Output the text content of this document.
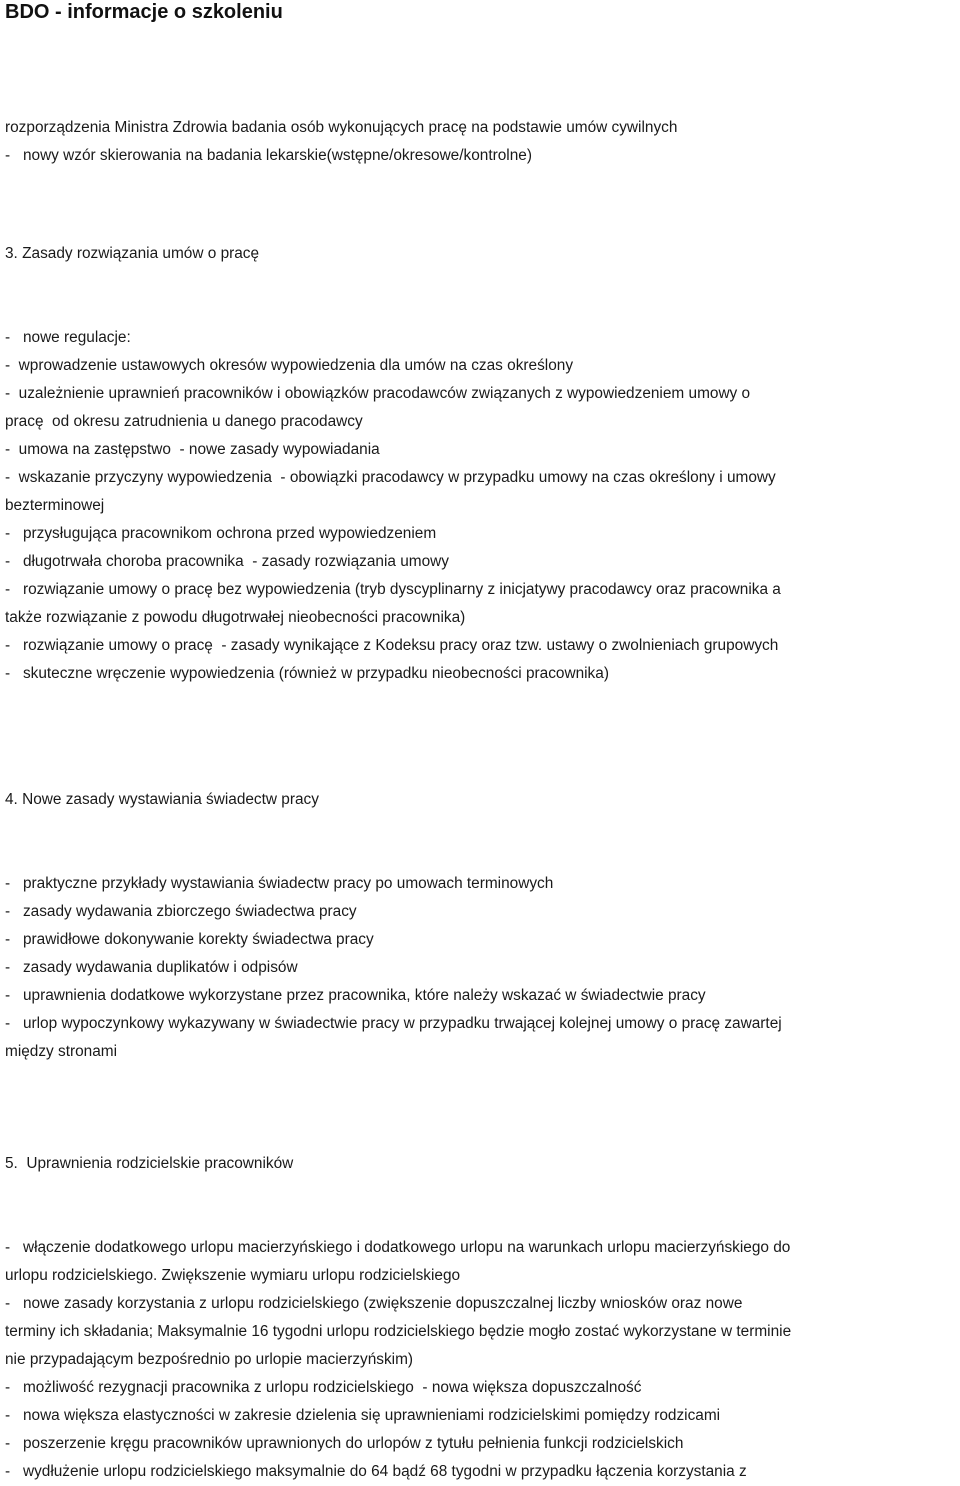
BDO - informacje o szkoleniu
rozporządzenia Ministra Zdrowia badania osób wykonujących pracę na podstawie umów cywilnych
-   nowy wzór skierowania na badania lekarskie(wstępne/okresowe/kontrolne)
3. Zasady rozwiązania umów o pracę
-   nowe regulacje:
-  wprowadzenie ustawowych okresów wypowiedzenia dla umów na czas określony
-  uzależnienie uprawnień pracowników i obowiązków pracodawców związanych z wypowiedzeniem umowy o
pracę  od okresu zatrudnienia u danego pracodawcy
-  umowa na zastępstwo  - nowe zasady wypowiadania
-  wskazanie przyczyny wypowiedzenia  - obowiązki pracodawcy w przypadku umowy na czas określony i umowy
bezterminowej
-   przysługująca pracownikom ochrona przed wypowiedzeniem
-   długotrwała choroba pracownika  - zasady rozwiązania umowy
-   rozwiązanie umowy o pracę bez wypowiedzenia (tryb dyscyplinarny z inicjatywy pracodawcy oraz pracownika a
także rozwiązanie z powodu długotrwałej nieobecności pracownika)
-   rozwiązanie umowy o pracę  - zasady wynikające z Kodeksu pracy oraz tzw. ustawy o zwolnieniach grupowych
-   skuteczne wręczenie wypowiedzenia (również w przypadku nieobecności pracownika)
4. Nowe zasady wystawiania świadectw pracy
-   praktyczne przykłady wystawiania świadectw pracy po umowach terminowych
-   zasady wydawania zbiorczego świadectwa pracy
-   prawidłowe dokonywanie korekty świadectwa pracy
-   zasady wydawania duplikatów i odpisów
-   uprawnienia dodatkowe wykorzystane przez pracownika, które należy wskazać w świadectwie pracy
-   urlop wypoczynkowy wykazywany w świadectwie pracy w przypadku trwającej kolejnej umowy o pracę zawartej
między stronami
5.  Uprawnienia rodzicielskie pracowników
-   włączenie dodatkowego urlopu macierzyńskiego i dodatkowego urlopu na warunkach urlopu macierzyńskiego do
urlopu rodzicielskiego. Zwiększenie wymiaru urlopu rodzicielskiego
-   nowe zasady korzystania z urlopu rodzicielskiego (zwiększenie dopuszczalnej liczby wniosków oraz nowe
terminy ich składania; Maksymalnie 16 tygodni urlopu rodzicielskiego będzie mogło zostać wykorzystane w terminie
nie przypadającym bezpośrednio po urlopie macierzyńskim)
-   możliwość rezygnacji pracownika z urlopu rodzicielskiego  - nowa większa dopuszczalność
-   nowa większa elastyczności w zakresie dzielenia się uprawnieniami rodzicielskimi pomiędzy rodzicami
-   poszerzenie kręgu pracowników uprawnionych do urlopów z tytułu pełnienia funkcji rodzicielskich
-   wydłużenie urlopu rodzicielskiego maksymalnie do 64 bądź 68 tygodni w przypadku łączenia korzystania z
